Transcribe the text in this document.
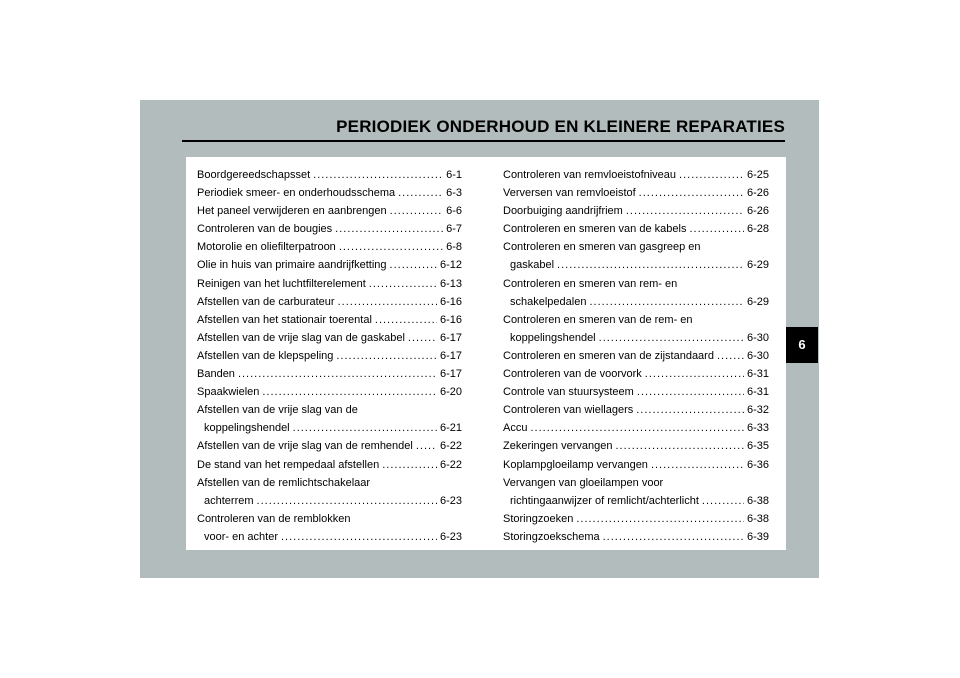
PERIODIEK ONDERHOUD EN KLEINERE REPARATIES
Boordgereedschapsset .....	6-1
Periodiek smeer- en onderhoudsschema .....	6-3
Het paneel verwijderen en aanbrengen .....	6-6
Controleren van de bougies .....	6-7
Motorolie en oliefilterpatroon .....	6-8
Olie in huis van primaire aandrijfketting .....	6-12
Reinigen van het luchtfilterelement .....	6-13
Afstellen van de carburateur .....	6-16
Afstellen van het stationair toerental .....	6-16
Afstellen van de vrije slag van de gaskabel .....	6-17
Afstellen van de klepspeling .....	6-17
Banden .....	6-17
Spaakwielen .....	6-20
Afstellen van de vrije slag van de
koppelingshendel .....	6-21
Afstellen van de vrije slag van de remhendel ..... 6-22
De stand van het rempedaal afstellen .....	6-22
Afstellen van de remlichtschakelaar
achterrem .....	6-23
Controleren van de remblokken
voor- en achter .....	6-23
Controleren van remvloeistofniveau .....	6-25
Verversen van remvloeistof .....	6-26
Doorbuiging aandrijfriem .....	6-26
Controleren en smeren van de kabels .....	6-28
Controleren en smeren van gasgreep en
gaskabel .....	6-29
Controleren en smeren van rem- en
schakelpedalen .....	6-29
Controleren en smeren van de rem- en
koppelingshendel .....	6-30
Controleren en smeren van de zijstandaard .....	6-30
Controleren van de voorvork .....	6-31
Controle van stuursysteem .....	6-31
Controleren van wiellagers .....	6-32
Accu .....	6-33
Zekeringen vervangen .....	6-35
Koplampgloeilamp vervangen .....	6-36
Vervangen van gloeilampen voor
richtingaanwijzer of remlicht/achterlicht .....	6-38
Storingzoeken .....	6-38
Storingzoekschema .....	6-39
6
